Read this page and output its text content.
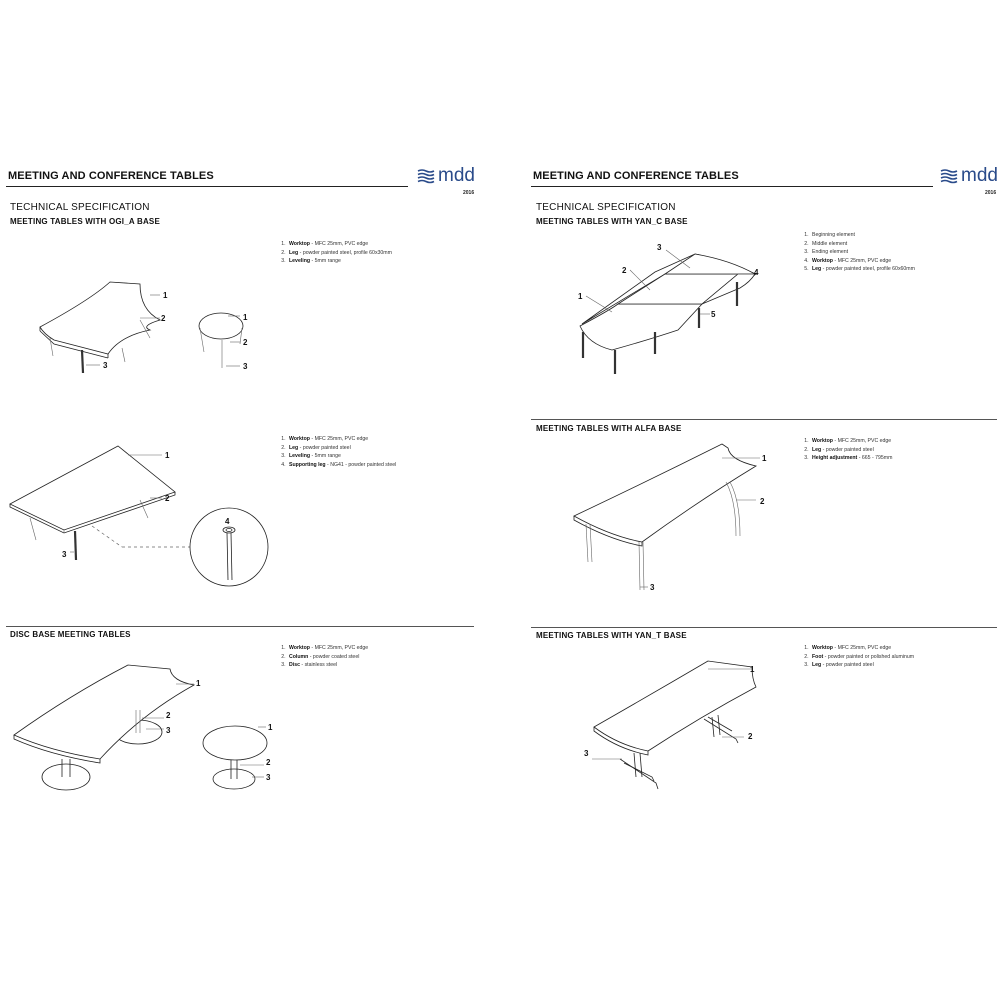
MEETING AND CONFERENCE TABLES	mdd
2016
TECHNICAL SPECIFICATION
MEETING TABLES WITH OGI_A BASE
1. Worktop - MFC 25mm, PVC edge
2. Leg - powder painted steel, profile 60x30mm
3. Leveling - 5mm range
1
2
3
1
2
3
1. Worktop - MFC 25mm, PVC edge
2. Leg - powder painted steel
3. Leveling - 5mm range
4. Supporting leg - NG41 - powder painted steel
1
2
3
4
DISC BASE MEETING TABLES
1. Worktop - MFC 25mm, PVC edge
2. Column - powder coated steel
3. Disc - stainless steel
1
2
3	1
2
3
MEETING AND CONFERENCE TABLES	mdd
2016
TECHNICAL SPECIFICATION
MEETING TABLES WITH YAN_C BASE
1. Beginning element
2. Middle element
3. Ending element
4. Worktop - MFC 25mm, PVC edge
5. Leg - powder painted steel, profile 60x60mm
1
2
3
4
5
MEETING TABLES WITH ALFA BASE
1. Worktop - MFC 25mm, PVC edge
2. Leg - powder painted steel
3. Height adjustment - 665 - 795mm
1
2
3
MEETING TABLES WITH YAN_T BASE
1. Worktop - MFC 25mm, PVC edge
2. Foot - powder painted or polished aluminum
3. Leg - powder painted steel
1
2
3
